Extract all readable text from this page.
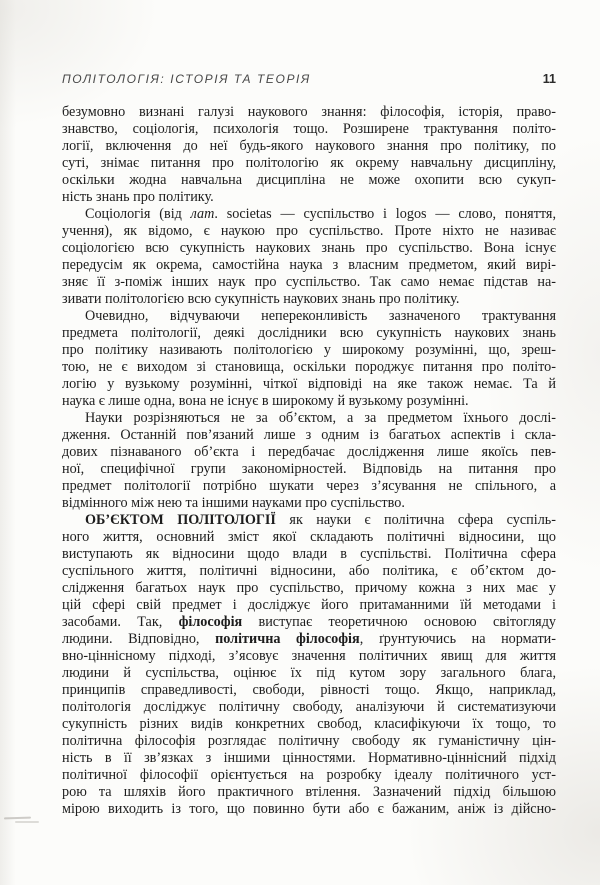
ПОЛІТОЛОГІЯ: ІСТОРІЯ ТА ТЕОРІЯ	11
безумовно визнані галузі наукового знання: філософія, історія, право-
знавство, соціологія, психологія тощо. Розширене трактування політо-
логії, включення до неї будь-якого наукового знання про політику, по
суті, знімає питання про політологію як окрему навчальну дисципліну,
оскільки жодна навчальна дисципліна не може охопити всю сукуп-
ність знань про політику.
Соціологія (від лат. societas — суспільство і logos — слово, поняття,
учення), як відомо, є наукою про суспільство. Проте ніхто не називає
соціологією всю сукупність наукових знань про суспільство. Вона існує
передусім як окрема, самостійна наука з власним предметом, який вирі-
зняє її з-поміж інших наук про суспільство. Так само немає підстав на-
зивати політологією всю сукупність наукових знань про політику.
Очевидно, відчуваючи непереконливість зазначеного трактування
предмета політології, деякі дослідники всю сукупність наукових знань
про політику називають політологією у широкому розумінні, що, зреш-
тою, не є виходом зі становища, оскільки породжує питання про політо-
логію у вузькому розумінні, чіткої відповіді на яке також немає. Та й
наука є лише одна, вона не існує в широкому й вузькому розумінні.
Науки розрізняються не за об’єктом, а за предметом їхнього дослі-
дження. Останній пов’язаний лише з одним із багатьох аспектів і скла-
дових пізнаваного об’єкта і передбачає дослідження лише якоїсь пев-
ної, специфічної групи закономірностей. Відповідь на питання про
предмет політології потрібно шукати через з’ясування не спільного, а
відмінного між нею та іншими науками про суспільство.
ОБ’ЄКТОМ ПОЛІТОЛОГІЇ як науки є політична сфера суспіль-
ного життя, основний зміст якої складають політичні відносини, що
виступають як відносини щодо влади в суспільстві. Політична сфера
суспільного життя, політичні відносини, або політика, є об’єктом до-
слідження багатьох наук про суспільство, причому кожна з них має у
цій сфері свій предмет і досліджує його притаманними їй методами і
засобами. Так, філософія виступає теоретичною основою світогляду
людини. Відповідно, політична філософія, ґрунтуючись на нормати-
вно-ціннісному підході, з’ясовує значення політичних явищ для життя
людини й суспільства, оцінює їх під кутом зору загального блага,
принципів справедливості, свободи, рівності тощо. Якщо, наприклад,
політологія досліджує політичну свободу, аналізуючи й систематизуючи
сукупність різних видів конкретних свобод, класифікуючи їх тощо, то
політична філософія розглядає політичну свободу як гуманістичну цін-
ність в її зв’язках з іншими цінностями. Нормативно-ціннісний підхід
політичної філософії орієнтується на розробку ідеалу політичного уст-
рою та шляхів його практичного втілення. Зазначений підхід більшою
мірою виходить із того, що повинно бути або є бажаним, аніж із дійсно-
